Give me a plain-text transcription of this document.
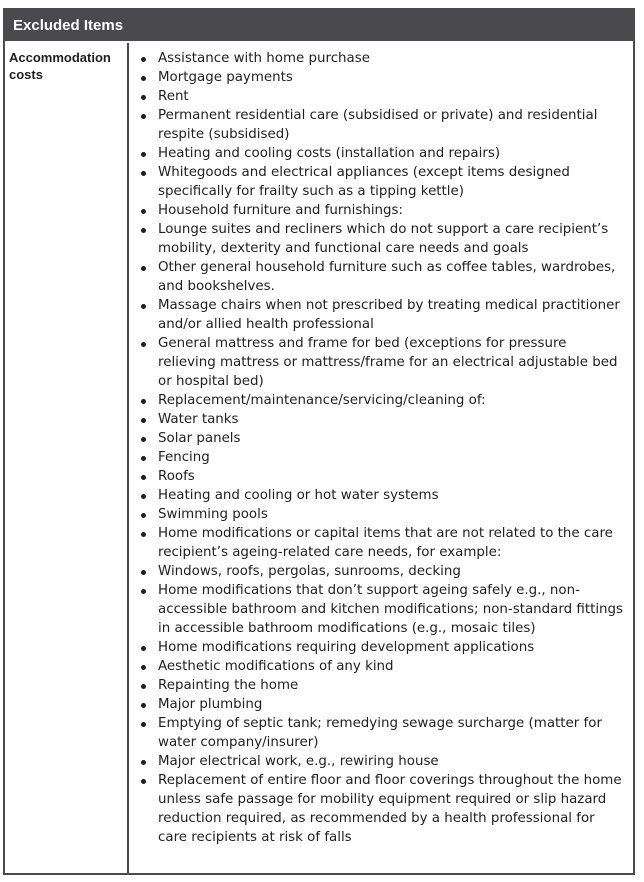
Excluded Items
Accommodation costs
Assistance with home purchase
Mortgage payments
Rent
Permanent residential care (subsidised or private) and residential respite (subsidised)
Heating and cooling costs (installation and repairs)
Whitegoods and electrical appliances (except items designed specifically for frailty such as a tipping kettle)
Household furniture and furnishings:
Lounge suites and recliners which do not support a care recipient’s mobility, dexterity and functional care needs and goals
Other general household furniture such as coffee tables, wardrobes, and bookshelves.
Massage chairs when not prescribed by treating medical practitioner and/or allied health professional
General mattress and frame for bed (exceptions for pressure relieving mattress or mattress/frame for an electrical adjustable bed or hospital bed)
Replacement/maintenance/servicing/cleaning of:
Water tanks
Solar panels
Fencing
Roofs
Heating and cooling or hot water systems
Swimming pools
Home modifications or capital items that are not related to the care recipient’s ageing-related care needs, for example:
Windows, roofs, pergolas, sunrooms, decking
Home modifications that don’t support ageing safely e.g., non-accessible bathroom and kitchen modifications; non-standard fittings in accessible bathroom modifications (e.g., mosaic tiles)
Home modifications requiring development applications
Aesthetic modifications of any kind
Repainting the home
Major plumbing
Emptying of septic tank; remedying sewage surcharge (matter for water company/insurer)
Major electrical work, e.g., rewiring house
Replacement of entire floor and floor coverings throughout the home unless safe passage for mobility equipment required or slip hazard reduction required, as recommended by a health professional for care recipients at risk of falls
